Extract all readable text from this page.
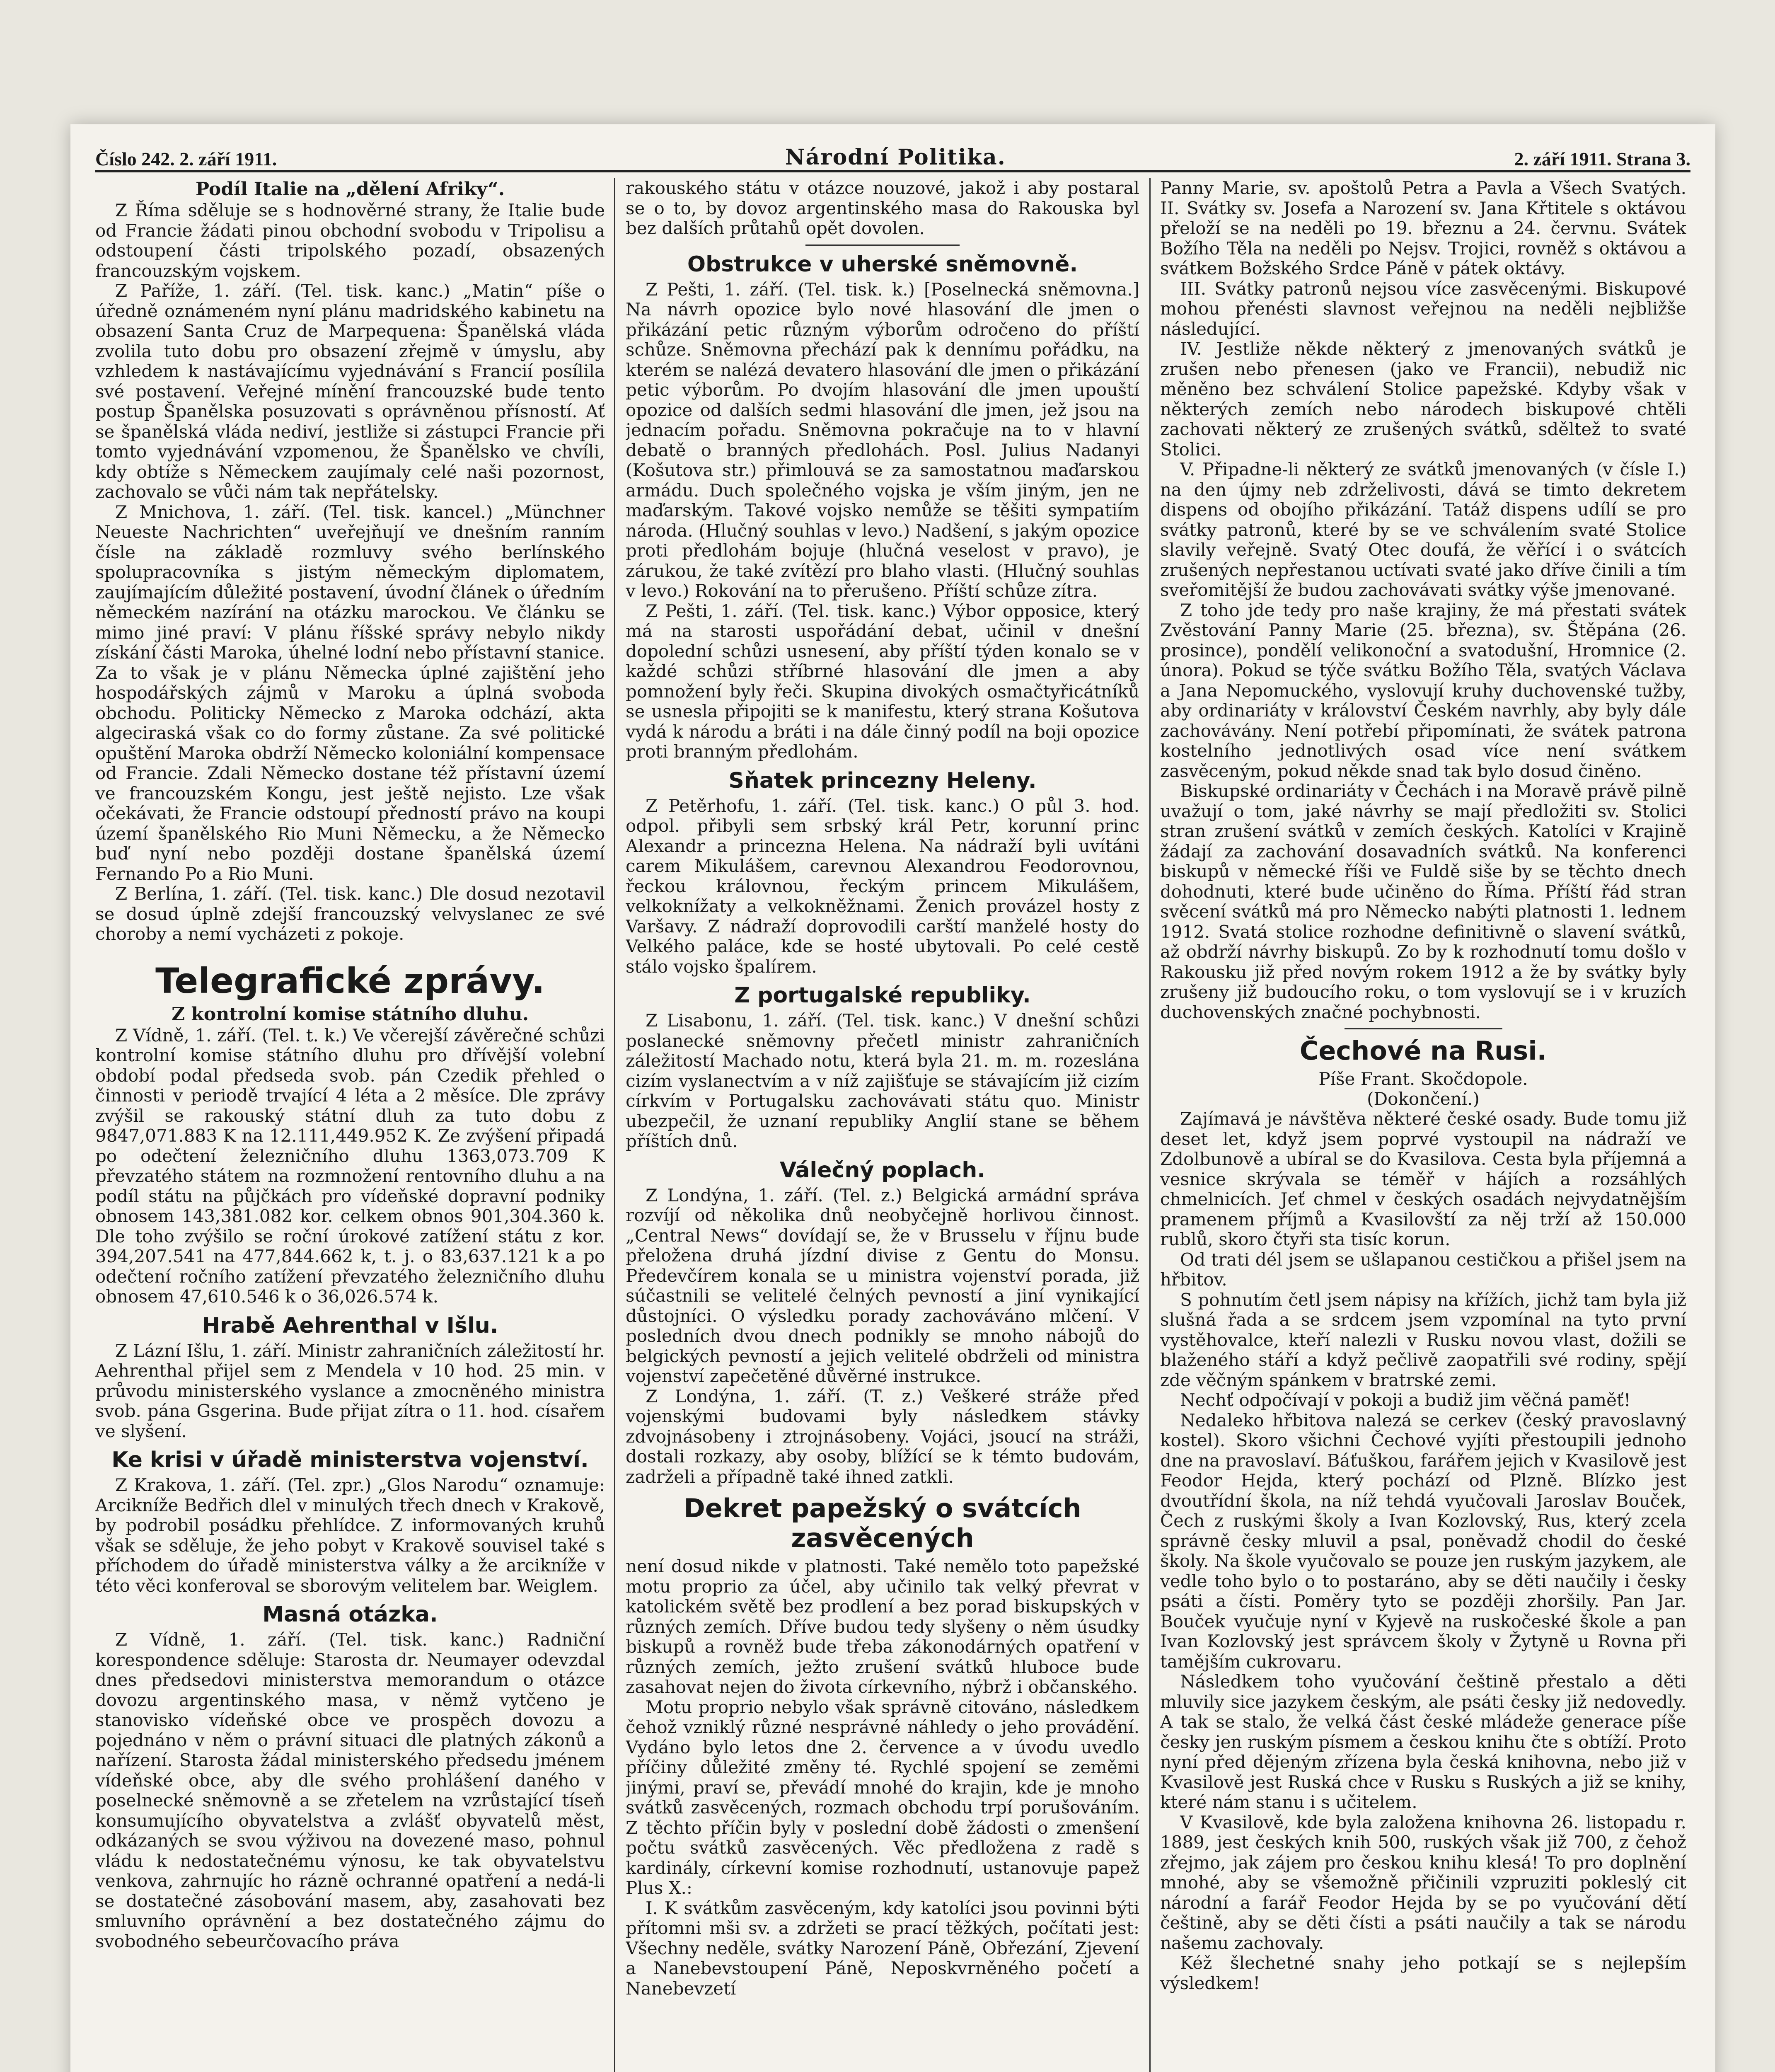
Číslo 242. 2. září 1911.	Národní Politika.	2. září 1911. Strana 3.
Podíl Italie na „dělení Afriky“.

Z Říma sděluje se s hodnověrné strany, že Italie bude od Francie žádati pinou obchodní svobodu v Tripolisu a odstoupení části tripolského pozadí, obsazených francouzským vojskem.

Z Paříže, 1. září. (Tel. tisk. kanc.) „Matin“ píše o úředně oznámeném nyní plánu madridského kabinetu na obsazení Santa Cruz de Marpequena: Španělská vláda zvolila tuto dobu pro obsazení zřejmě v úmyslu, aby vzhledem k nastávajícímu vyjednávání s Francií posílila své postavení. Veřejné mínění francouzské bude tento postup Španělska posuzovati s oprávněnou přísností. Ať se španělská vláda nediví, jestliže si zástupci Francie při tomto vyjednávání vzpomenou, že Španělsko ve chvíli, kdy obtíže s Německem zaujímaly celé naši pozornost, zachovalo se vůči nám tak nepřátelsky.

Z Mnichova, 1. září. (Tel. tisk. kancel.) „Münchner Neueste Nachrichten“ uveřejňují ve dnešním ranním čísle na základě rozmluvy svého berlínského spolupracovníka s jistým německým diplomatem, zaujímajícím důležité postavení, úvodní článek o úředním německém nazírání na otázku marockou. Ve článku se mimo jiné praví: V plánu říšské správy nebylo nikdy získání části Maroka, úhelné lodní nebo přístavní stanice. Za to však je v plánu Německa úplné zajištění jeho hospodářských zájmů v Maroku a úplná svoboda obchodu. Politicky Německo z Maroka odchází, akta algeciraská však co do formy zůstane. Za své politické opuštění Maroka obdrží Německo koloniální kompensace od Francie. Zdali Německo dostane též přístavní území ve francouzském Kongu, jest ještě nejisto. Lze však očekávati, že Francie odstoupí předností právo na koupi území španělského Rio Muni Německu, a že Německo buď nyní nebo později dostane španělská území Fernando Po a Rio Muni.

Z Berlína, 1. září. (Tel. tisk. kanc.) Dle dosud nezotavil se dosud úplně zdejší francouzský velvyslanec ze své choroby a nemí vycházeti z pokoje.

Telegrafické zprávy.
Z kontrolní komise státního dluhu.

Z Vídně, 1. září. (Tel. t. k.) Ve včerejší závěrečné schůzi kontrolní komise státního dluhu pro dřívější volební období podal předseda svob. pán Czedik přehled o činnosti v periodě trvající 4 léta a 2 měsíce. Dle zprávy zvýšil se rakouský státní dluh za tuto dobu z 9847,071.883 K na 12.111,449.952 K. Ze zvýšení připadá po odečtení železničního dluhu 1363,073.709 K převzatého státem na rozmnožení rentovního dluhu a na podíl státu na půjčkách pro vídeňské dopravní podniky obnosem 143,381.082 kor. celkem obnos 901,304.360 k. Dle toho zvýšilo se roční úrokové zatížení státu z kor. 394,207.541 na 477,844.662 k, t. j. o 83,637.121 k a po odečtení ročního zatížení převzatého železničního dluhu obnosem 47,610.546 k o 36,026.574 k.

Hrabě Aehrenthal v Išlu.

Z Lázní Išlu, 1. září. Ministr zahraničních záležitostí hr. Aehrenthal přijel sem z Mendela v 10 hod. 25 min. v průvodu ministerského vyslance a zmocněného ministra svob. pána Gsgerina. Bude přijat zítra o 11. hod. císařem ve slyšení.

Ke krisi v úřadě ministerstva vojenství.

Z Krakova, 1. září. (Tel. zpr.) „Glos Narodu“ oznamuje: Arcikníže Bedřich dlel v minulých třech dnech v Krakově, by podrobil posádku přehlídce. Z informovaných kruhů však se sděluje, že jeho pobyt v Krakově souvisel také s příchodem do úřadě ministerstva války a že arcikníže v této věci konferoval se sborovým velitelem bar. Weiglem.

Masná otázka.

Z Vídně, 1. září. (Tel. tisk. kanc.) Radniční korespondence sděluje: Starosta dr. Neumayer odevzdal dnes předsedovi ministerstva memorandum o otázce dovozu argentinského masa, v němž vytčeno je stanovisko vídeňské obce ve prospěch dovozu a pojednáno v něm o právní situaci dle platných zákonů a nařízení. Starosta žádal ministerského předsedu jménem vídeňské obce, aby dle svého prohlášení daného v poselnecké sněmovně a se zřetelem na vzrůstající tíseň konsumujícího obyvatelstva a zvlášť obyvatelů měst, odkázaných se svou výživou na dovezené maso, pohnul vládu k nedostatečnému výnosu, ke tak obyvatelstvu venkova, zahrnujíc ho rázně ochranné opatření a nedá-li se dostatečné zásobování masem, aby, zasahovati bez smluvního oprávnění a bez dostatečného zájmu do svobodného sebeurčovacího práva

rakouského státu v otázce nouzové, jakož i aby postaral se o to, by dovoz argentinského masa do Rakouska byl bez dalších průtahů opět dovolen.

Obstrukce v uherské sněmovně.

Z Pešti, 1. září. (Tel. tisk. k.) [Poselnecká sněmovna.] Na návrh opozice bylo nové hlasování dle jmen o přikázání petic různým výborům odročeno do příští schůze. Sněmovna přechází pak k dennímu pořádku, na kterém se nalézá devatero hlasování dle jmen o přikázání petic výborům. Po dvojím hlasování dle jmen upouští opozice od dalších sedmi hlasování dle jmen, jež jsou na jednacím pořadu. Sněmovna pokračuje na to v hlavní debatě o branných předlohách. Posl. Julius Nadanyi (Košutova str.) přimlouvá se za samostatnou maďarskou armádu. Duch společného vojska je vším jiným, jen ne maďarským. Takové vojsko nemůže se těšiti sympatiím národa. (Hlučný souhlas v levo.) Nadšení, s jakým opozice proti předlohám bojuje (hlučná veselost v pravo), je zárukou, že také zvítězí pro blaho vlasti. (Hlučný souhlas v levo.) Rokování na to přerušeno. Příští schůze zítra.

Z Pešti, 1. září. (Tel. tisk. kanc.) Výbor opposice, který má na starosti uspořádání debat, učinil v dnešní dopolední schůzi usnesení, aby příští týden konalo se v každé schůzi stříbrné hlasování dle jmen a aby pomnožení byly řeči. Skupina divokých osmačtyřicátníků se usnesla připojiti se k manifestu, který strana Košutova vydá k národu a bráti i na dále činný podíl na boji opozice proti branným předlohám.

Sňatek princezny Heleny.

Z Petěrhofu, 1. září. (Tel. tisk. kanc.) O půl 3. hod. odpol. přibyli sem srbský král Petr, korunní princ Alexandr a princezna Helena. Na nádraží byli uvítáni carem Mikulášem, carevnou Alexandrou Feodorovnou, řeckou královnou, řeckým princem Mikulášem, velkoknížaty a velkokněžnami. Ženich provázel hosty z Varšavy. Z nádraží doprovodili carští manželé hosty do Velkého paláce, kde se hosté ubytovali. Po celé cestě stálo vojsko špalírem.

Z portugalské republiky.

Z Lisabonu, 1. září. (Tel. tisk. kanc.) V dnešní schůzi poslanecké sněmovny přečetl ministr zahraničních záležitostí Machado notu, která byla 21. m. m. rozeslána cizím vyslanectvím a v níž zajišťuje se stávajícím již cizím církvím v Portugalsku zachovávati státu quo. Ministr ubezpečil, že uznaní republiky Anglií stane se během příštích dnů.

Válečný poplach.

Z Londýna, 1. září. (Tel. z.) Belgická armádní správa rozvíjí od několika dnů neobyčejně horlivou činnost. „Central News“ dovídají se, že v Brusselu v říjnu bude přeložena druhá jízdní divise z Gentu do Monsu. Předevčírem konala se u ministra vojenství porada, již súčastnili se velitelé čelných pevností a jiní vynikající důstojníci. O výsledku porady zachováváno mlčení. V posledních dvou dnech podnikly se mnoho nábojů do belgických pevností a jejich velitelé obdrželi od ministra vojenství zapečetěné důvěrné instrukce.

Z Londýna, 1. září. (T. z.) Veškeré stráže před vojenskými budovami byly následkem stávky zdvojnásobeny i ztrojnásobeny. Vojáci, jsoucí na stráži, dostali rozkazy, aby osoby, blížící se k témto budovám, zadrželi a případně také ihned zatkli.

Dekret papežský o svátcích zasvěcených

není dosud nikde v platnosti. Také nemělo toto papežské motu proprio za účel, aby učinilo tak velký převrat v katolickém světě bez prodlení a bez porad biskupských v různých zemích. Dříve budou tedy slyšeny o něm úsudky biskupů a rovněž bude třeba zákonodárných opatření v různých zemích, ježto zrušení svátků hluboce bude zasahovat nejen do života církevního, nýbrž i občanského.

Motu proprio nebylo však správně citováno, následkem čehož vzniklý různé nesprávné náhledy o jeho provádění. Vydáno bylo letos dne 2. července a v úvodu uvedlo příčiny důležité změny té. Rychlé spojení se zeměmi jinými, praví se, převádí mnohé do krajin, kde je mnoho svátků zasvěcených, rozmach obchodu trpí porušováním. Z těchto příčin byly v poslední době žádosti o zmenšení počtu svátků zasvěcených. Věc předložena z radě s kardinály, církevní komise rozhodnutí, ustanovuje papež Plus X.:

I. K svátkům zasvěceným, kdy katolíci jsou povinni býti přítomni mši sv. a zdržeti se prací těžkých, počítati jest: Všechny neděle, svátky Narození Páně, Obřezání, Zjevení a Nanebevstoupení Páně, Neposkvrněného početí a Nanebevzetí

Panny Marie, sv. apoštolů Petra a Pavla a Všech Svatých. II. Svátky sv. Josefa a Narození sv. Jana Křtitele s oktávou přeloží se na neděli po 19. březnu a 24. červnu. Svátek Božího Těla na neděli po Nejsv. Trojici, rovněž s oktávou a svátkem Božského Srdce Páně v pátek oktávy.

III. Svátky patronů nejsou více zasvěcenými. Biskupové mohou přenésti slavnost veřejnou na neděli nejbližše následující.

IV. Jestliže někde některý z jmenovaných svátků je zrušen nebo přenesen (jako ve Francii), nebudiž nic měněno bez schválení Stolice papežské. Kdyby však v některých zemích nebo národech biskupové chtěli zachovati některý ze zrušených svátků, sděltež to svaté Stolici.

V. Připadne-li některý ze svátků jmenovaných (v čísle I.) na den újmy neb zdrželivosti, dává se timto dekretem dispens od obojího přikázání. Tatáž dispens udílí se pro svátky patronů, které by se ve schválením svaté Stolice slavily veřejně. Svatý Otec doufá, že věřící i o svátcích zrušených nepřestanou uctívati svaté jako dříve činili a tím sveřomitější že budou zachovávati svátky výše jmenované.

Z toho jde tedy pro naše krajiny, že má přestati svátek Zvěstování Panny Marie (25. března), sv. Štěpána (26. prosince), pondělí velikonoční a svatodušní, Hromnice (2. února). Pokud se týče svátku Božího Těla, svatých Václava a Jana Nepomuckého, vyslovují kruhy duchovenské tužby, aby ordinariáty v království Českém navrhly, aby byly dále zachovávány. Není potřebí připomínati, že svátek patrona kostelního jednotlivých osad více není svátkem zasvěceným, pokud někde snad tak bylo dosud činěno.

Biskupské ordinariáty v Čechách i na Moravě právě pilně uvažují o tom, jaké návrhy se mají předložiti sv. Stolici stran zrušení svátků v zemích českých. Katolíci v Krajině žádají za zachování dosavadních svátků. Na konferenci biskupů v německé říši ve Fuldě siše by se těchto dnech dohodnuti, které bude učiněno do Říma. Příští řád stran svěcení svátků má pro Německo nabýti platnosti 1. lednem 1912. Svatá stolice rozhodne definitivně o slavení svátků, až obdrží návrhy biskupů. Zo by k rozhodnutí tomu došlo v Rakousku již před novým rokem 1912 a že by svátky byly zrušeny již budoucího roku, o tom vyslovují se i v kruzích duchovenských značné pochybnosti.

Čechové na Rusi.
Píše Frant. Skočdopole.
(Dokončení.)

Zajímavá je návštěva některé české osady. Bude tomu již deset let, když jsem poprvé vystoupil na nádraží ve Zdolbunově a ubíral se do Kvasilova. Cesta byla příjemná a vesnice skrývala se téměř v hájích a rozsáhlých chmelnicích. Jeť chmel v českých osadách nejvydatnějším pramenem příjmů a Kvasilovští za něj trží až 150.000 rublů, skoro čtyři sta tisíc korun.

Od trati dél jsem se ušlapanou cestičkou a přišel jsem na hřbitov.

S pohnutím četl jsem nápisy na křížích, jichž tam byla již slušná řada a se srdcem jsem vzpomínal na tyto první vystěhovalce, kteří nalezli v Rusku novou vlast, dožili se blaženého stáří a když pečlivě zaopatřili své rodiny, spějí zde věčným spánkem v bratrské zemi.

Nechť odpočívají v pokoji a budiž jim věčná paměť!

Nedaleko hřbitova nalezá se cerkev (český pravoslavný kostel). Skoro všichni Čechové vyjíti přestoupili jednoho dne na pravoslaví. Báťuškou, farářem jejich v Kvasilově jest Feodor Hejda, který pochází od Plzně. Blízko jest dvoutřídní škola, na níž tehdá vyučovali Jaroslav Bouček, Čech z ruskými školy a Ivan Kozlovský, Rus, který zcela správně česky mluvil a psal, poněvadž chodil do české školy. Na škole vyučovalo se pouze jen ruským jazykem, ale vedle toho bylo o to postaráno, aby se děti naučily i česky psáti a čísti. Poměry tyto se později zhoršily. Pan Jar. Bouček vyučuje nyní v Kyjevě na ruskočeské škole a pan Ivan Kozlovský jest správcem školy v Žytyně u Rovna při tamějším cukrovaru.

Následkem toho vyučování češtině přestalo a děti mluvily sice jazykem českým, ale psáti česky již nedovedly. A tak se stalo, že velká část české mládeže generace píše česky jen ruským písmem a českou knihu čte s obtíží. Proto nyní před dějeným zřízena byla česká knihovna, nebo již v Kvasilově jest Ruská chce v Rusku s Ruských a již se knihy, které nám stanu i s učitelem.

V Kvasilově, kde byla založena knihovna 26. listopadu r. 1889, jest českých knih 500, ruských však již 700, z čehož zřejmo, jak zájem pro českou knihu klesá! To pro doplnění mnohé, aby se všemožně přičinili vzpruziti pokleslý cit národní a farář Feodor Hejda by se po vyučování dětí češtině, aby se děti čísti a psáti naučily a tak se národu našemu zachovaly.

Kéž šlechetné snahy jeho potkají se s nejlepším výsledkem!
